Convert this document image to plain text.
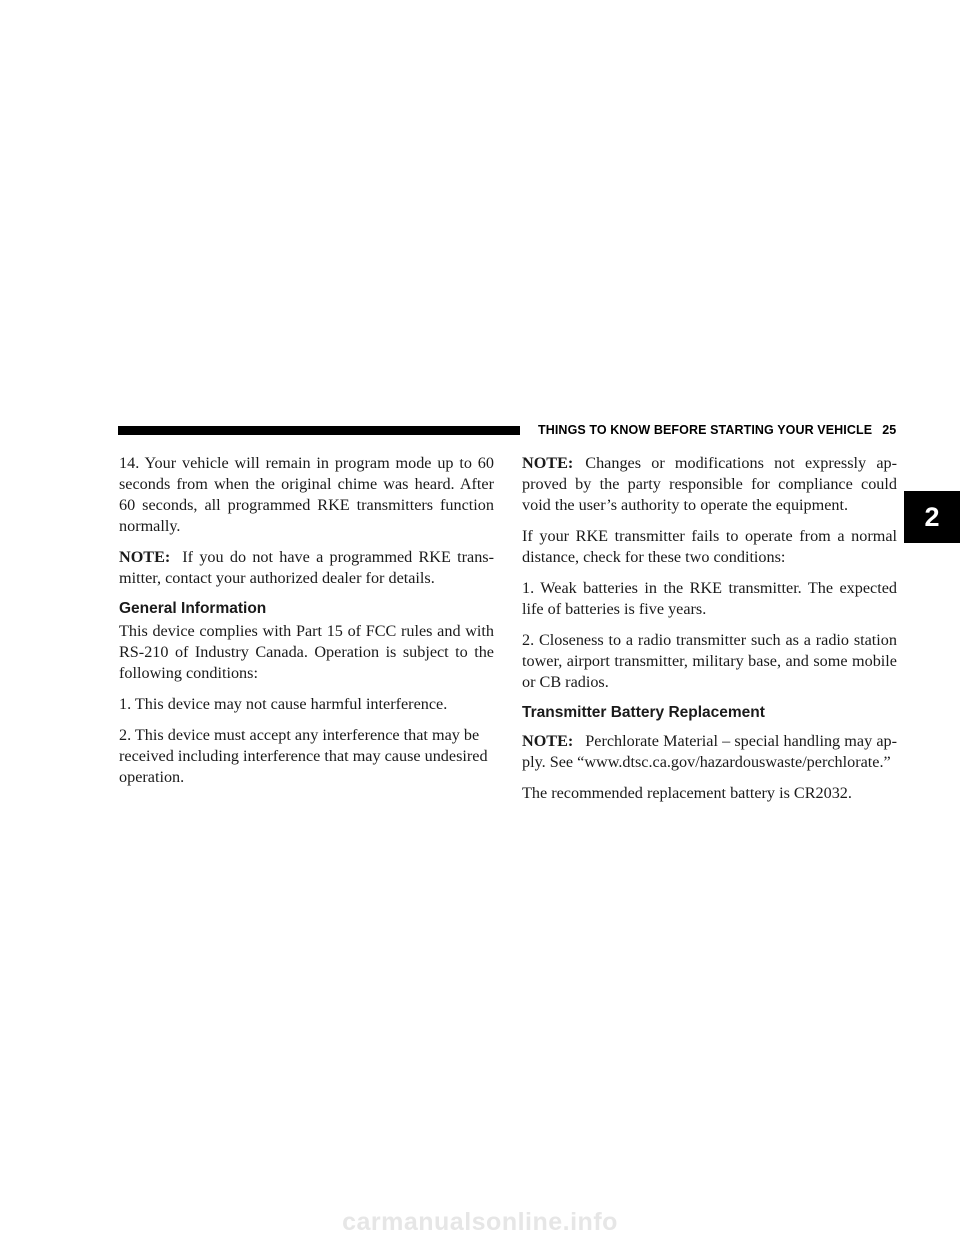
THINGS TO KNOW BEFORE STARTING YOUR VEHICLE 25
2

14. Your vehicle will remain in program mode up to 60 seconds from when the original chime was heard. After 60 seconds, all programmed RKE transmitters function normally.

NOTE: If you do not have a programmed RKE trans-mitter, contact your authorized dealer for details.

General Information

This device complies with Part 15 of FCC rules and with RS-210 of Industry Canada. Operation is subject to the following conditions:

1. This device may not cause harmful interference.

2. This device must accept any interference that may be received including interference that may cause undesired operation.

NOTE: Changes or modifications not expressly ap-proved by the party responsible for compliance could void the user’s authority to operate the equipment.

If your RKE transmitter fails to operate from a normal distance, check for these two conditions:

1. Weak batteries in the RKE transmitter. The expected life of batteries is five years.

2. Closeness to a radio transmitter such as a radio station tower, airport transmitter, military base, and some mobile or CB radios.

Transmitter Battery Replacement

NOTE: Perchlorate Material – special handling may ap-ply. See “www.dtsc.ca.gov/hazardouswaste/perchlorate.”

The recommended replacement battery is CR2032.

carmanualsonline.info
